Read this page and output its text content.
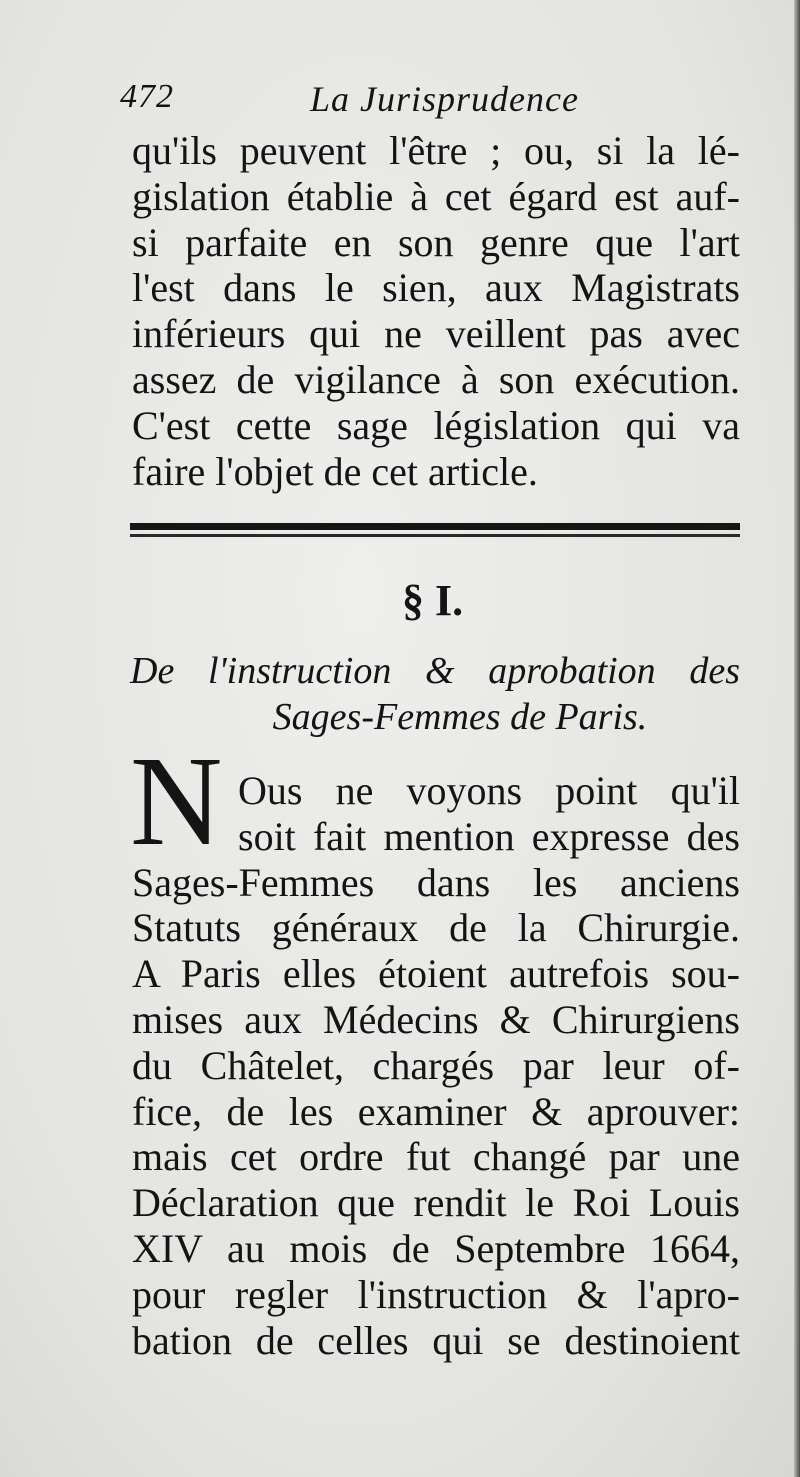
472	La Jurisprudence
qu'ils peuvent l'être ; ou, si la lé-
gislation établie à cet égard est auf-
si parfaite en son genre que l'art
l'est dans le sien, aux Magistrats
inférieurs qui ne veillent pas avec
assez de vigilance à son exécution.
C'est cette sage législation qui va
faire l'objet de cet article.
§ I.
De l'instruction & aprobation des
Sages-Femmes de Paris.
N Ous ne voyons point qu'il
soit fait mention expresse des
Sages-Femmes dans les anciens
Statuts généraux de la Chirurgie.
A Paris elles étoient autrefois sou-
mises aux Médecins & Chirurgiens
du Châtelet, chargés par leur of-
fice, de les examiner & aprouver:
mais cet ordre fut changé par une
Déclaration que rendit le Roi Louis
XIV au mois de Septembre 1664,
pour regler l'instruction & l'apro-
bation de celles qui se destinoient
